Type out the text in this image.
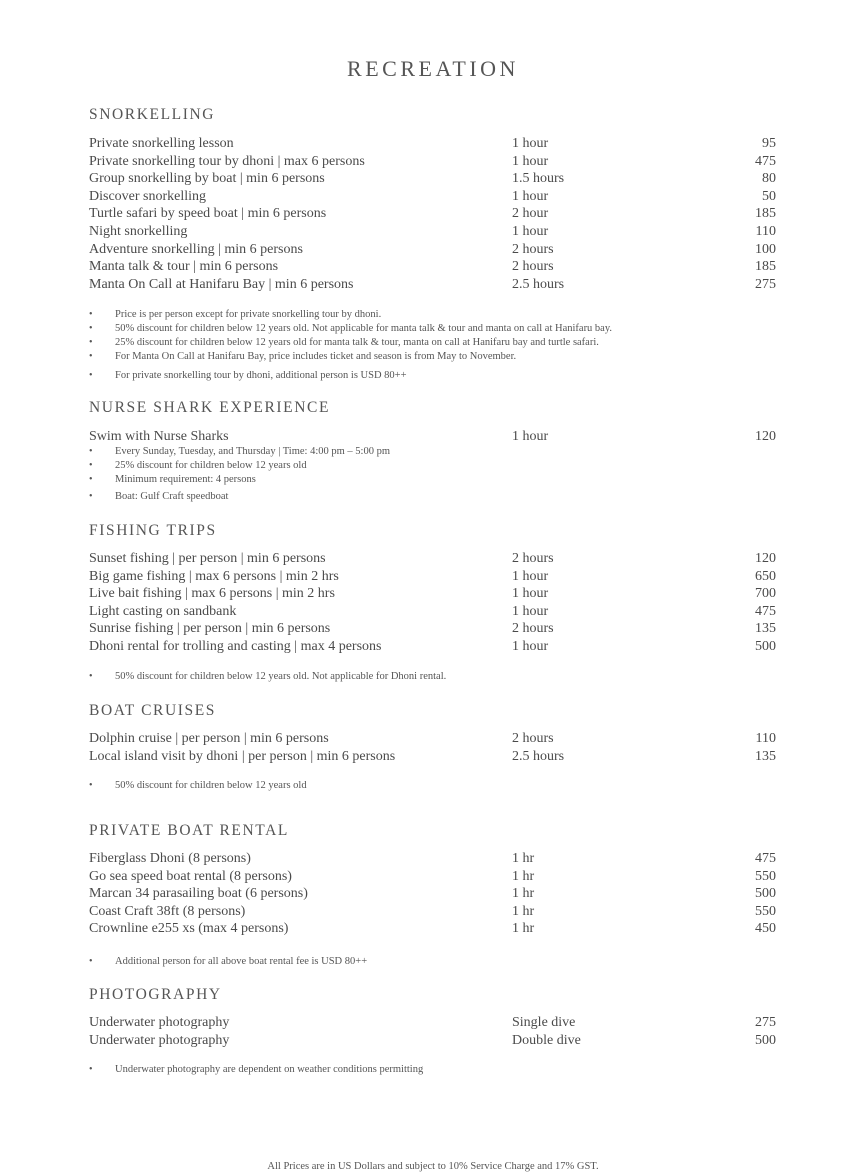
RECREATION
SNORKELLING
Private snorkelling lesson	1 hour	95
Private snorkelling tour by dhoni | max 6 persons	1 hour	475
Group snorkelling by boat | min 6 persons	1.5 hours	80
Discover snorkelling	1 hour	50
Turtle safari by speed boat | min 6 persons	2 hour	185
Night snorkelling	1 hour	110
Adventure snorkelling | min 6 persons	2 hours	100
Manta talk & tour | min 6 persons	2 hours	185
Manta On Call at Hanifaru Bay | min 6 persons	2.5 hours	275
• Price is per person except for private snorkelling tour by dhoni.
• 50% discount for children below 12 years old. Not applicable for manta talk & tour and manta on call at Hanifaru bay.
• 25% discount for children below 12 years old for manta talk & tour, manta on call at Hanifaru bay and turtle safari.
• For Manta On Call at Hanifaru Bay, price includes ticket and season is from May to November.
• For private snorkelling tour by dhoni, additional person is USD 80++
NURSE SHARK EXPERIENCE
Swim with Nurse Sharks	1 hour	120
• Every Sunday, Tuesday, and Thursday | Time: 4:00 pm – 5:00 pm
• 25% discount for children below 12 years old
• Minimum requirement: 4 persons
• Boat: Gulf Craft speedboat
FISHING TRIPS
Sunset fishing | per person | min 6 persons	2 hours	120
Big game fishing | max 6 persons | min 2 hrs	1 hour	650
Live bait fishing | max 6 persons | min 2 hrs	1 hour	700
Light casting on sandbank	1 hour	475
Sunrise fishing | per person | min 6 persons	2 hours	135
Dhoni rental for trolling and casting | max 4 persons	1 hour	500
• 50% discount for children below 12 years old. Not applicable for Dhoni rental.
BOAT CRUISES
Dolphin cruise | per person | min 6 persons	2 hours	110
Local island visit by dhoni | per person | min 6 persons	2.5 hours	135
• 50% discount for children below 12 years old
PRIVATE BOAT RENTAL
Fiberglass Dhoni (8 persons)	1 hr	475
Go sea speed boat rental (8 persons)	1 hr	550
Marcan 34 parasailing boat (6 persons)	1 hr	500
Coast Craft 38ft (8 persons)	1 hr	550
Crownline e255 xs (max 4 persons)	1 hr	450
• Additional person for all above boat rental fee is USD 80++
PHOTOGRAPHY
Underwater photography	Single dive	275
Underwater photography	Double dive	500
• Underwater photography are dependent on weather conditions permitting
All Prices are in US Dollars and subject to 10% Service Charge and 17% GST.
